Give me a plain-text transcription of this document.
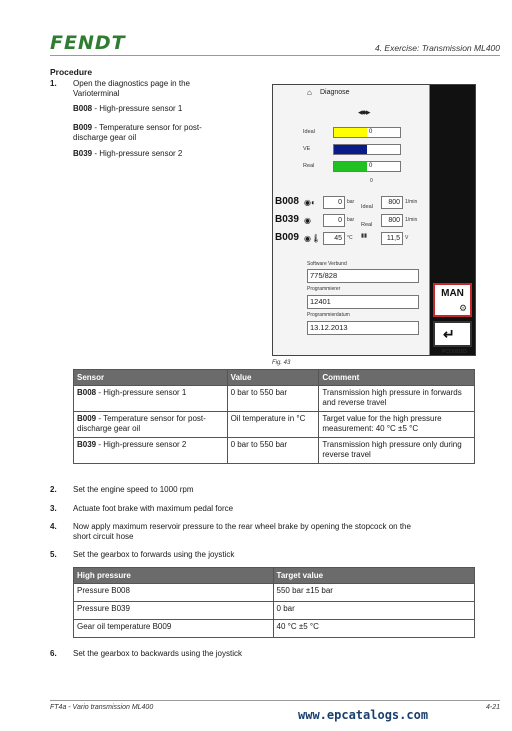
FENDT	4. Exercise: Transmission ML400
Procedure
1. Open the diagnostics page in the
Varioterminal
B008 - High-pressure sensor 1
B009 - Temperature sensor for post-
discharge gear oil
B039 - High-pressure sensor 2
⌂ Diagnose
◂●▸
Ideal	0
VE	0
Real	0
0
B008 ◉◐	0	bar
Ideal
800	1/min
B039 ◉	0	bar
Real
800	1/min
B009 ◉🌡	45	°C ▮▮	11,5	V
Software Verbund
775/828
Programmierer
12401
Programmierdatum
13.12.2013
MAN
⚙
↵
PCO00183
Fig. 43
Sensor	Value	Comment
B008 - High-pressure sensor 1	0 bar to 550 bar	Transmission high pressure in forwards and reverse travel
B009 - Temperature sensor for post-discharge gear oil	Oil temperature in °C	Target value for the high pressure measurement: 40 °C ±5 °C
B039 - High-pressure sensor 2	0 bar to 550 bar	Transmission high pressure only during reverse travel
2. Set the engine speed to 1000 rpm
3. Actuate foot brake with maximum pedal force
4. Now apply maximum reservoir pressure to the rear wheel brake by opening the stopcock on the
short circuit hose
5. Set the gearbox to forwards using the joystick
High pressure	Target value
Pressure B008	550 bar ±15 bar
Pressure B039	0 bar
Gear oil temperature B009	40 °C ±5 °C
6. Set the gearbox to backwards using the joystick
FT4a - Vario transmission ML400	4-21
www.epcatalogs.com
